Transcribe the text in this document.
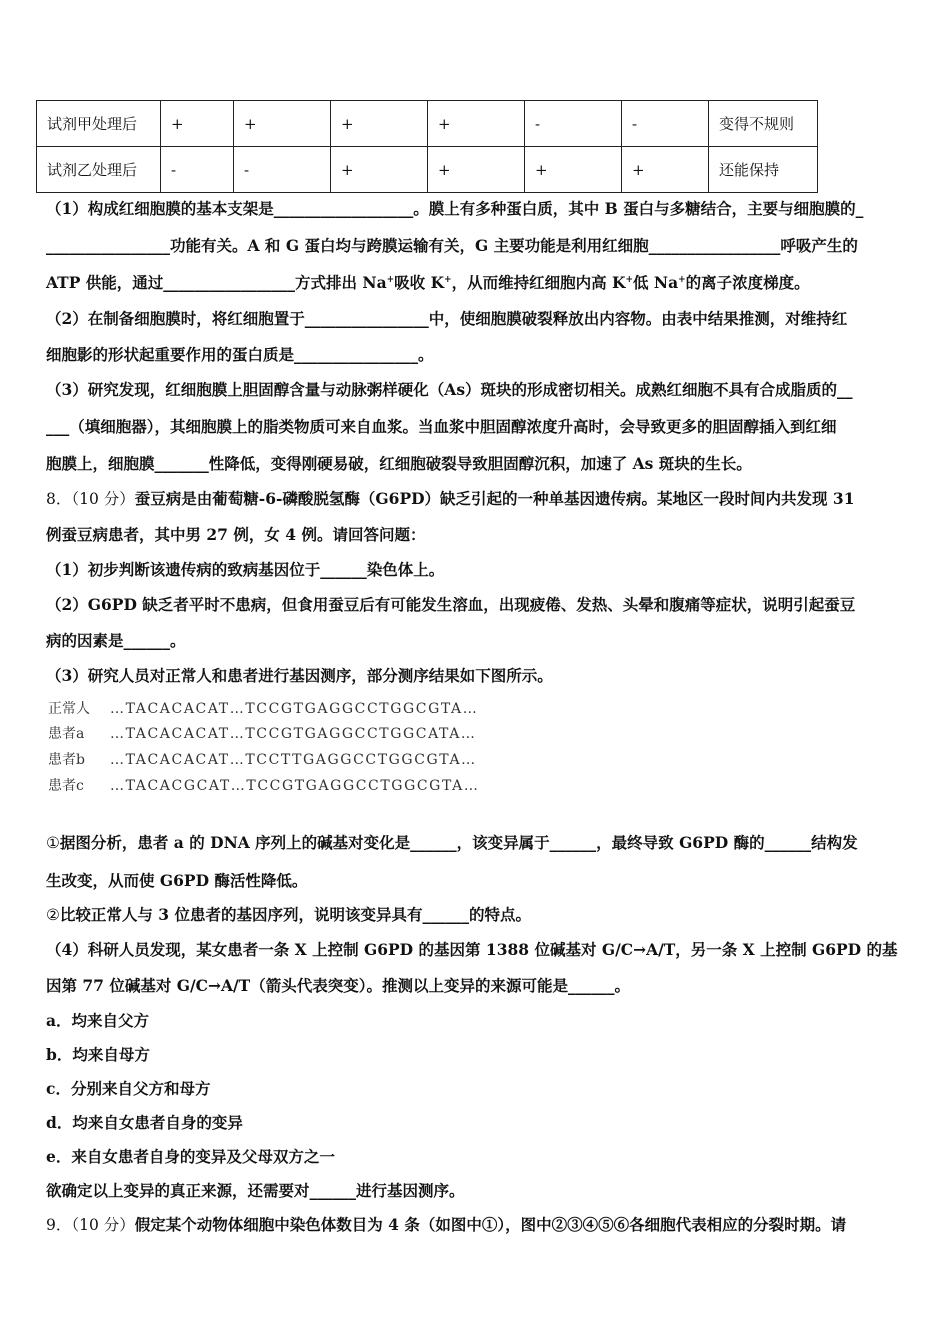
试剂甲处理后	+	+	+	+	-	-	变得不规则
试剂乙处理后	-	-	+	+	+	+	还能保持
（1）构成红细胞膜的基本支架是__________________。膜上有多种蛋白质，其中 B 蛋白与多糖结合，主要与细胞膜的_
________________功能有关。A 和 G 蛋白均与跨膜运输有关，G 主要功能是利用红细胞_________________呼吸产生的
ATP 供能，通过_________________方式排出 Na+吸收 K+，从而维持红细胞内高 K+低 Na+的离子浓度梯度。
（2）在制备细胞膜时，将红细胞置于________________中，使细胞膜破裂释放出内容物。由表中结果推测，对维持红
细胞影的形状起重要作用的蛋白质是________________。
（3）研究发现，红细胞膜上胆固醇含量与动脉粥样硬化（As）斑块的形成密切相关。成熟红细胞不具有合成脂质的__
___（填细胞器），其细胞膜上的脂类物质可来自血浆。当血浆中胆固醇浓度升高时，会导致更多的胆固醇插入到红细
胞膜上，细胞膜_______性降低，变得刚硬易破，红细胞破裂导致胆固醇沉积，加速了 As 斑块的生长。
8．（10 分）蚕豆病是由葡萄糖-6-磷酸脱氢酶（G6PD）缺乏引起的一种单基因遗传病。某地区一段时间内共发现 31
例蚕豆病患者，其中男 27 例，女 4 例。请回答问题：
（1）初步判断该遗传病的致病基因位于______染色体上。
（2）G6PD 缺乏者平时不患病，但食用蚕豆后有可能发生溶血，出现疲倦、发热、头晕和腹痛等症状，说明引起蚕豆
病的因素是______。
（3）研究人员对正常人和患者进行基因测序，部分测序结果如下图所示。
正常人 …TACACACAT…TCCGTGAGGCCTGGCGTA…
患者a …TACACACAT…TCCGTGAGGCCTGGCATA…
患者b …TACACACAT…TCCTTGAGGCCTGGCGTA…
患者c …TACACGCAT…TCCGTGAGGCCTGGCGTA…
①据图分析，患者 a 的 DNA 序列上的碱基对变化是______，该变异属于______，最终导致 G6PD 酶的______结构发
生改变，从而使 G6PD 酶活性降低。
②比较正常人与 3 位患者的基因序列，说明该变异具有______的特点。
（4）科研人员发现，某女患者一条 X 上控制 G6PD 的基因第 1388 位碱基对 G/C→A/T，另一条 X 上控制 G6PD 的基
因第 77 位碱基对 G/C→A/T（箭头代表突变）。推测以上变异的来源可能是______。
a．均来自父方
b．均来自母方
c．分别来自父方和母方
d．均来自女患者自身的变异
e．来自女患者自身的变异及父母双方之一
欲确定以上变异的真正来源，还需要对______进行基因测序。
9．（10 分）假定某个动物体细胞中染色体数目为 4 条（如图中①），图中②③④⑤⑥各细胞代表相应的分裂时期。请
